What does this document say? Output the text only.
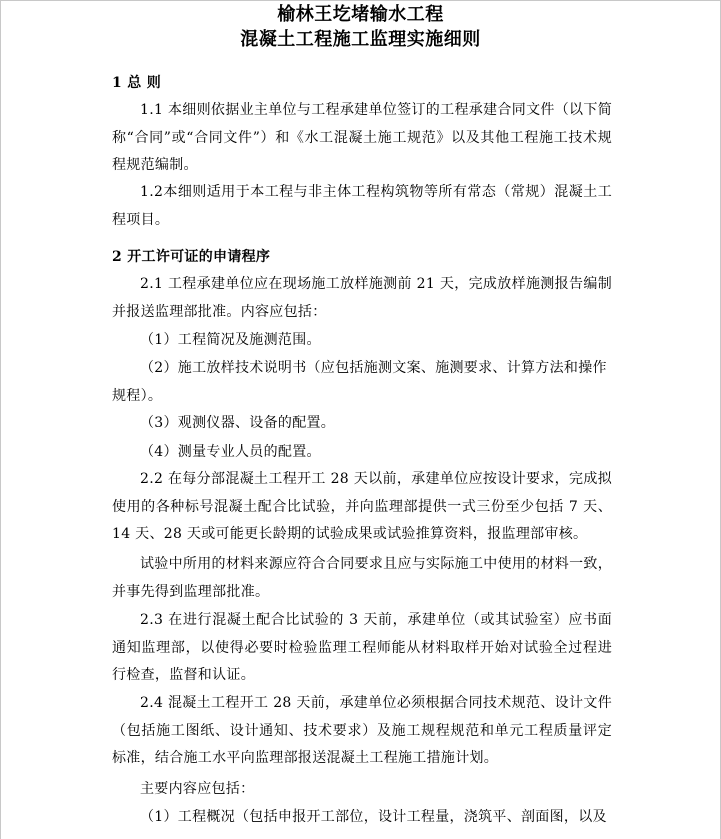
榆林王圪堵输水工程
混凝土工程施工监理实施细则
1 总 则
1.1 本细则依据业主单位与工程承建单位签订的工程承建合同文件（以下简称“合同”或“合同文件”）和《水工混凝土施工规范》以及其他工程施工技术规程规范编制。
1.2本细则适用于本工程与非主体工程构筑物等所有常态（常规）混凝土工程项目。
2 开工许可证的申请程序
2.1 工程承建单位应在现场施工放样施测前 21 天，完成放样施测报告编制并报送监理部批准。内容应包括：
（1）工程简况及施测范围。
（2）施工放样技术说明书（应包括施测文案、施测要求、计算方法和操作规程）。
（3）观测仪器、设备的配置。
（4）测量专业人员的配置。
2.2 在每分部混凝土工程开工 28 天以前，承建单位应按设计要求，完成拟使用的各种标号混凝土配合比试验，并向监理部提供一式三份至少包括 7 天、14 天、28 天或可能更长龄期的试验成果或试验推算资料，报监理部审核。
试验中所用的材料来源应符合合同要求且应与实际施工中使用的材料一致，并事先得到监理部批准。
2.3 在进行混凝土配合比试验的 3 天前，承建单位（或其试验室）应书面通知监理部，以使得必要时检验监理工程师能从材料取样开始对试验全过程进行检查，监督和认证。
2.4 混凝土工程开工 28 天前，承建单位必须根据合同技术规范、设计文件（包括施工图纸、设计通知、技术要求）及施工规程规范和单元工程质量评定标准，结合施工水平向监理部报送混凝土工程施工措施计划。
主要内容应包括：
（1）工程概况（包括申报开工部位，设计工程量，浇筑平、剖面图，以及
